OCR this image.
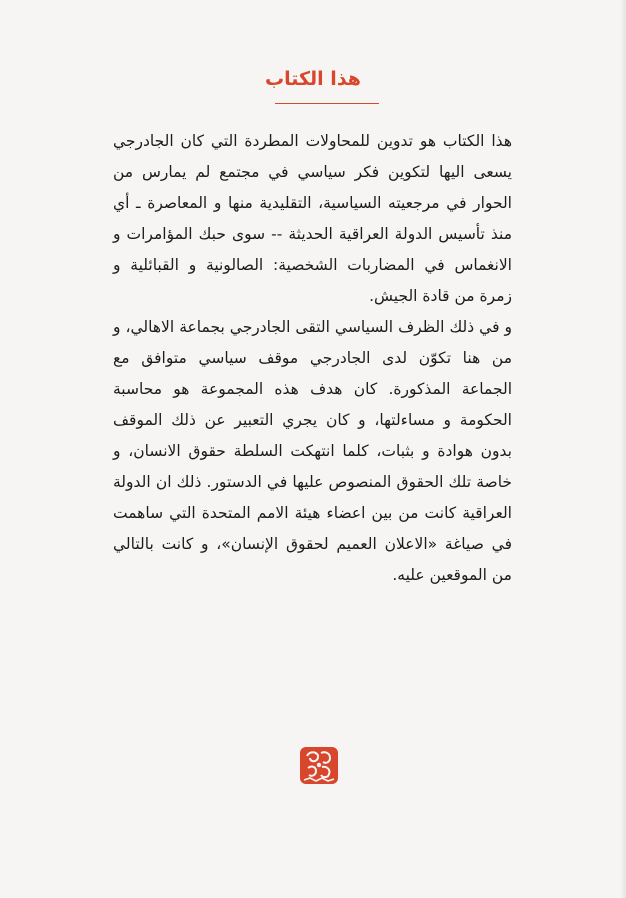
هذا الكتاب

هذا الكتاب هو تدوين للمحاولات المطردة التي كان الجادرجي يسعى اليها لتكوين فكر سياسي في مجتمع لم يمارس من الحوار في مرجعيته السياسية، التقليدية منها و المعاصرة ـ أي منذ تأسيس الدولة العراقية الحديثة -- سوى حبك المؤامرات و الانغماس في المضاربات الشخصية: الصالونية و القبائلية و زمرة من قادة الجيش.

و في ذلك الظرف السياسي التقى الجادرجي بجماعة الاهالي، و من هنا تكوّن لدى الجادرجي موقف سياسي متوافق مع الجماعة المذكورة. كان هدف هذه المجموعة هو محاسبة الحكومة و مساءلتها، و كان يجري التعبير عن ذلك الموقف بدون هوادة و بثبات، كلما انتهكت السلطة حقوق الانسان، و خاصة تلك الحقوق المنصوص عليها في الدستور. ذلك ان الدولة العراقية كانت من بين اعضاء هيئة الامم المتحدة التي ساهمت في صياغة «الاعلان العميم لحقوق الإنسان»، و كانت بالتالي من الموقعين عليه.
